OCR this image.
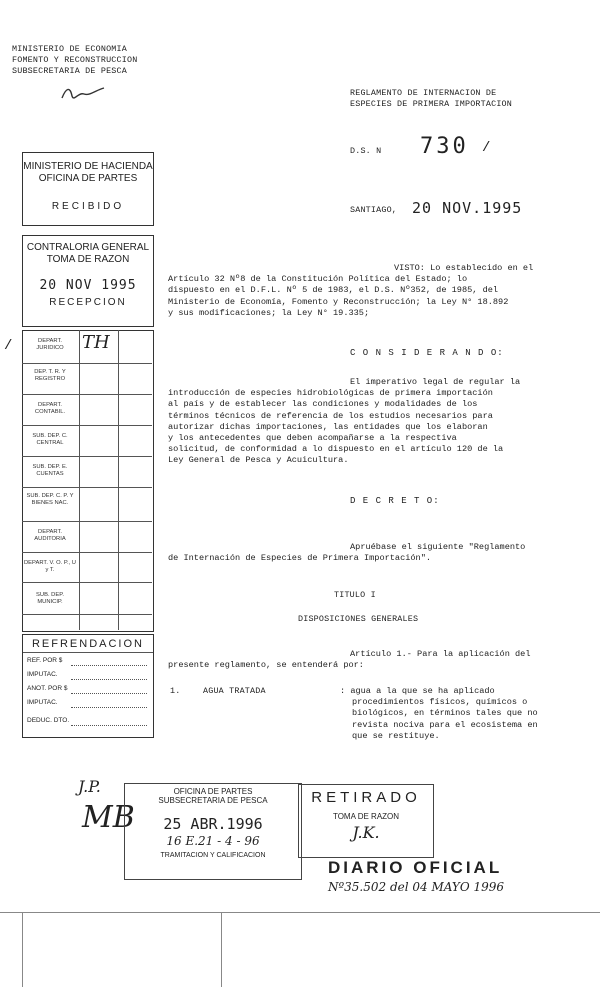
MINISTERIO DE ECONOMIA
FOMENTO Y RECONSTRUCCION
SUBSECRETARIA DE PESCA
REGLAMENTO DE INTERNACION DE
ESPECIES DE PRIMERA IMPORTACION
D.S. N 730 /
SANTIAGO, 20 NOV.1995
MINISTERIO DE HACIENDA
OFICINA DE PARTES
RECIBIDO
CONTRALORIA GENERAL
TOMA DE RAZON
20 NOV 1995
RECEPCION
/	DEPART. JURIDICO	TH
DEP. T. R. Y REGISTRO
DEPART. CONTABIL.
SUB. DEP. C. CENTRAL
SUB. DEP. E. CUENTAS
SUB. DEP. C. P. Y BIENES NAC.
DEPART. AUDITORIA
DEPART. V. O. P., U y T.
SUB. DEP. MUNICIP.
REFRENDACION
REF. POR $
IMPUTAC.
ANOT. POR $
IMPUTAC.
DEDUC. DTO.
VISTO: Lo establecido en el
Artículo 32 Nº8 de la Constitución Política del Estado; lo
dispuesto en el D.F.L. Nº 5 de 1983, el D.S. Nº352, de 1985, del
Ministerio de Economía, Fomento y Reconstrucción; la Ley N° 18.892
y sus modificaciones; la Ley N° 19.335;
C O N S I D E R A N D O:
El imperativo legal de regular la
introducción de especies hidrobiológicas de primera importación
al país y de establecer las condiciones y modalidades de los
términos técnicos de referencia de los estudios necesarios para
autorizar dichas importaciones, las entidades que los elaboran
y los antecedentes que deben acompañarse a la respectiva
solicitud, de conformidad a lo dispuesto en el artículo 120 de la
Ley General de Pesca y Acuicultura.
D E C R E T O:
Apruébase el siguiente "Reglamento
de Internación de Especies de Primera Importación".
TITULO I
DISPOSICIONES GENERALES
Artículo 1.- Para la aplicación del
presente reglamento, se entenderá por:
1.	AGUA TRATADA	: agua a la que se ha aplicado
procedimientos físicos, químicos o
biológicos, en términos tales que no
revista nociva para el ecosistema en
que se restituye.
J.P.
MB
OFICINA DE PARTES
SUBSECRETARIA DE PESCA
25 ABR.1996
16 E.21 - 4 - 96
TRAMITACION Y CALIFICACION
RETIRADO
TOMA DE RAZON
J.K.
DIARIO OFICIAL
Nº35.502 del 04 MAYO 1996
